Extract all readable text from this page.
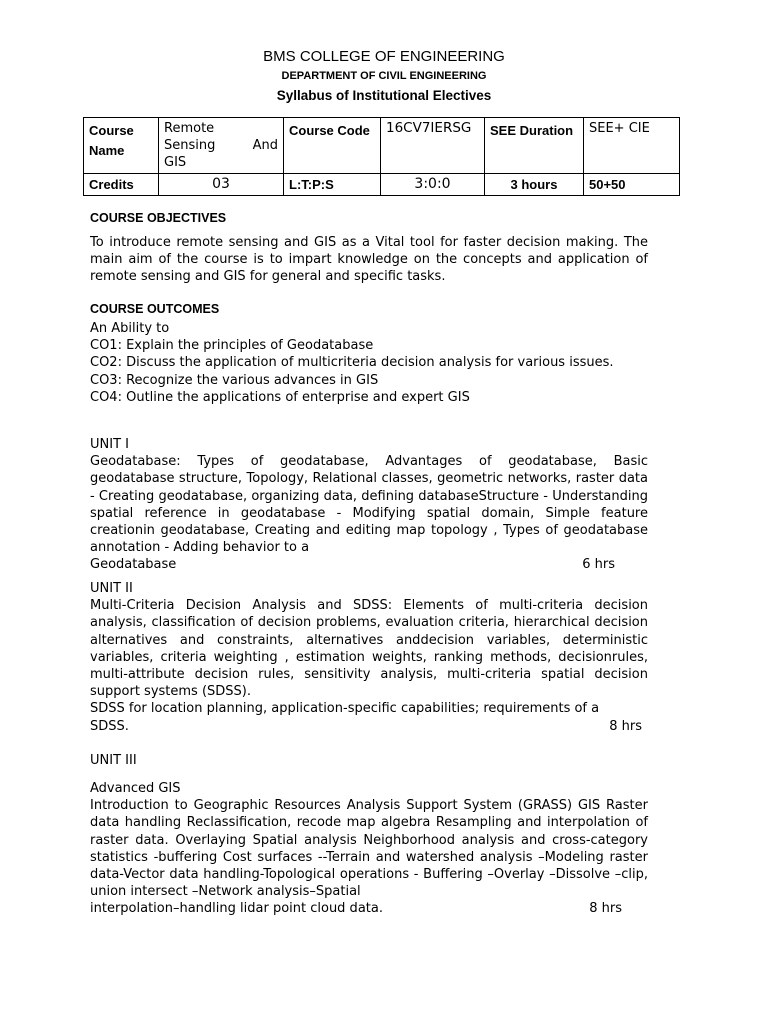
BMS COLLEGE OF ENGINEERING
DEPARTMENT OF CIVIL ENGINEERING
Syllabus of Institutional Electives
Course Name	Remote
Sensing And
GIS	Course Code	16CV7IERSG	SEE Duration	SEE+ CIE
Credits	03	L:T:P:S	3:0:0	3 hours	50+50
COURSE OBJECTIVES
To introduce remote sensing and GIS as a Vital tool for faster decision making. The main aim of the course is to impart knowledge on the concepts and application of remote sensing and GIS for general and specific tasks.
COURSE OUTCOMES
An Ability to
CO1: Explain the principles of Geodatabase
CO2: Discuss the application of multicriteria decision analysis for various issues.
CO3: Recognize the various advances in GIS
CO4: Outline the applications of enterprise and expert GIS
UNIT I
Geodatabase: Types of geodatabase, Advantages of geodatabase, Basic geodatabase structure, Topology, Relational classes, geometric networks, raster data - Creating geodatabase, organizing data, defining databaseStructure - Understanding spatial reference in geodatabase - Modifying spatial domain, Simple feature creationin geodatabase, Creating and editing map topology , Types of geodatabase annotation - Adding behavior to a
Geodatabase	6 hrs
UNIT II
Multi-Criteria Decision Analysis and SDSS: Elements of multi-criteria decision analysis, classification of decision problems, evaluation criteria, hierarchical decision alternatives and constraints, alternatives anddecision variables, deterministic variables, criteria weighting , estimation weights, ranking methods, decisionrules, multi-attribute decision rules, sensitivity analysis, multi-criteria spatial decision support systems (SDSS).
SDSS for location planning, application-specific capabilities; requirements of a
SDSS.	8 hrs
UNIT III
Advanced GIS
Introduction to Geographic Resources Analysis Support System (GRASS) GIS Raster data handling Reclassification, recode map algebra Resampling and interpolation of raster data. Overlaying Spatial analysis Neighborhood analysis and cross-category statistics -buffering Cost surfaces --Terrain and watershed analysis –Modeling raster data-Vector data handling-Topological operations - Buffering –Overlay –Dissolve –clip, union intersect –Network analysis–Spatial
interpolation–handling lidar point cloud data.	8 hrs
